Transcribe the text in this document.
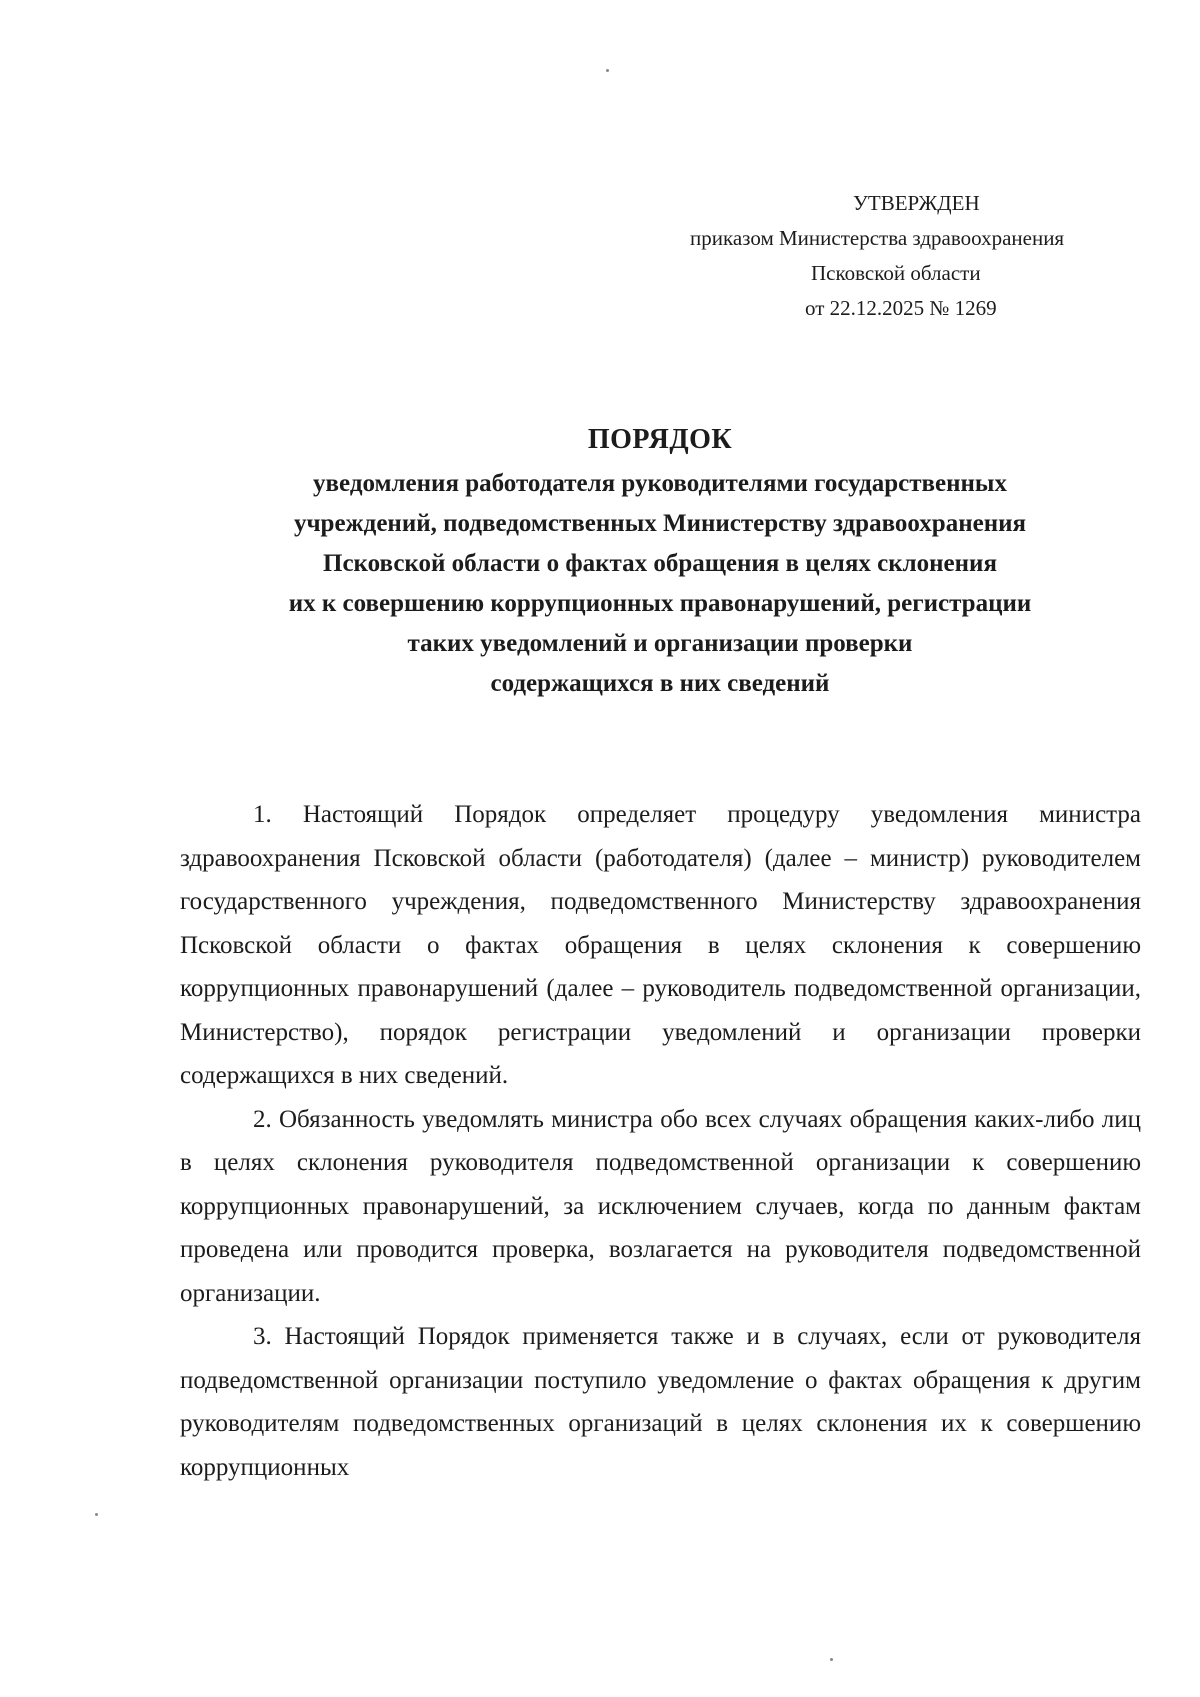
УТВЕРЖДЕН
приказом Министерства здравоохранения
Псковской области
от 22.12.2025 № 1269
ПОРЯДОК
уведомления работодателя руководителями государственных
учреждений, подведомственных Министерству здравоохранения
Псковской области о фактах обращения в целях склонения
их к совершению коррупционных правонарушений, регистрации
таких уведомлений и организации проверки
содержащихся в них сведений

1. Настоящий Порядок определяет процедуру уведомления министра здравоохранения Псковской области (работодателя) (далее – министр) руководителем государственного учреждения, подведомственного Министерству здравоохранения Псковской области о фактах обращения в целях склонения к совершению коррупционных правонарушений (далее – руководитель подведомственной организации, Министерство), порядок регистрации уведомлений и организации проверки содержащихся в них сведений.

2. Обязанность уведомлять министра обо всех случаях обращения каких-либо лиц в целях склонения руководителя подведомственной организации к совершению коррупционных правонарушений, за исключением случаев, когда по данным фактам проведена или проводится проверка, возлагается на руководителя подведомственной организации.

3. Настоящий Порядок применяется также и в случаях, если от руководителя подведомственной организации поступило уведомление о фактах обращения к другим руководителям подведомственных организаций в целях склонения их к совершению коррупционных
